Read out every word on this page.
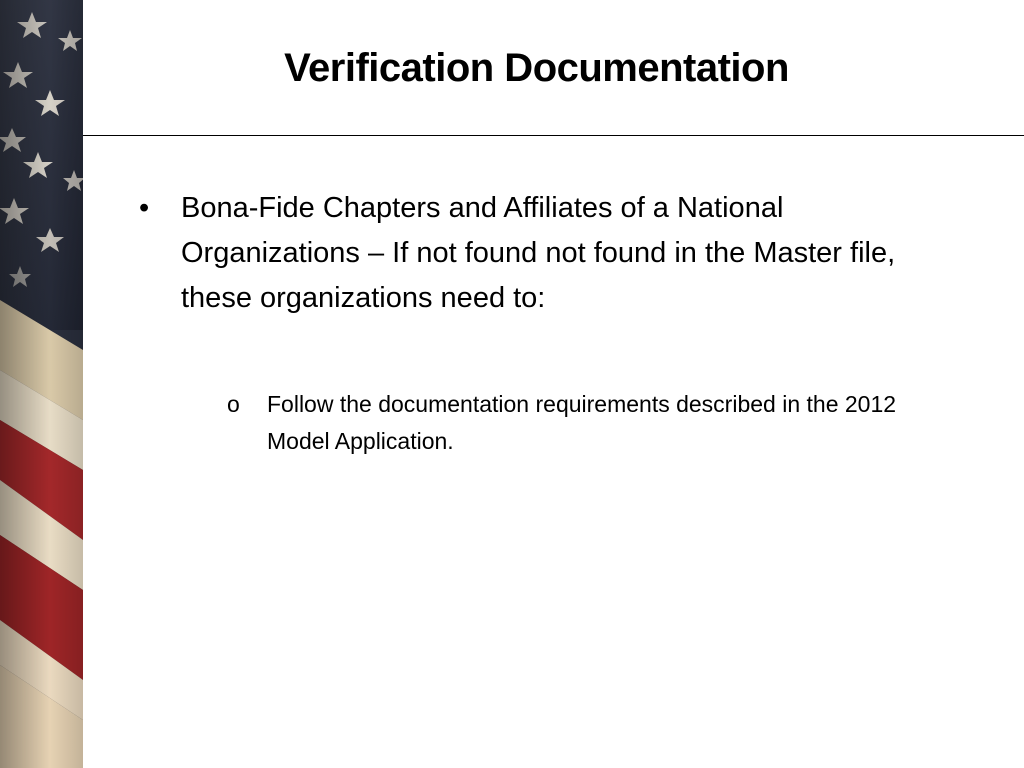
Verification Documentation
•	Bona-Fide Chapters and Affiliates of a National Organizations – If not found not found in the Master file, these organizations need to:
o Follow the documentation requirements described in the 2012 Model Application.
